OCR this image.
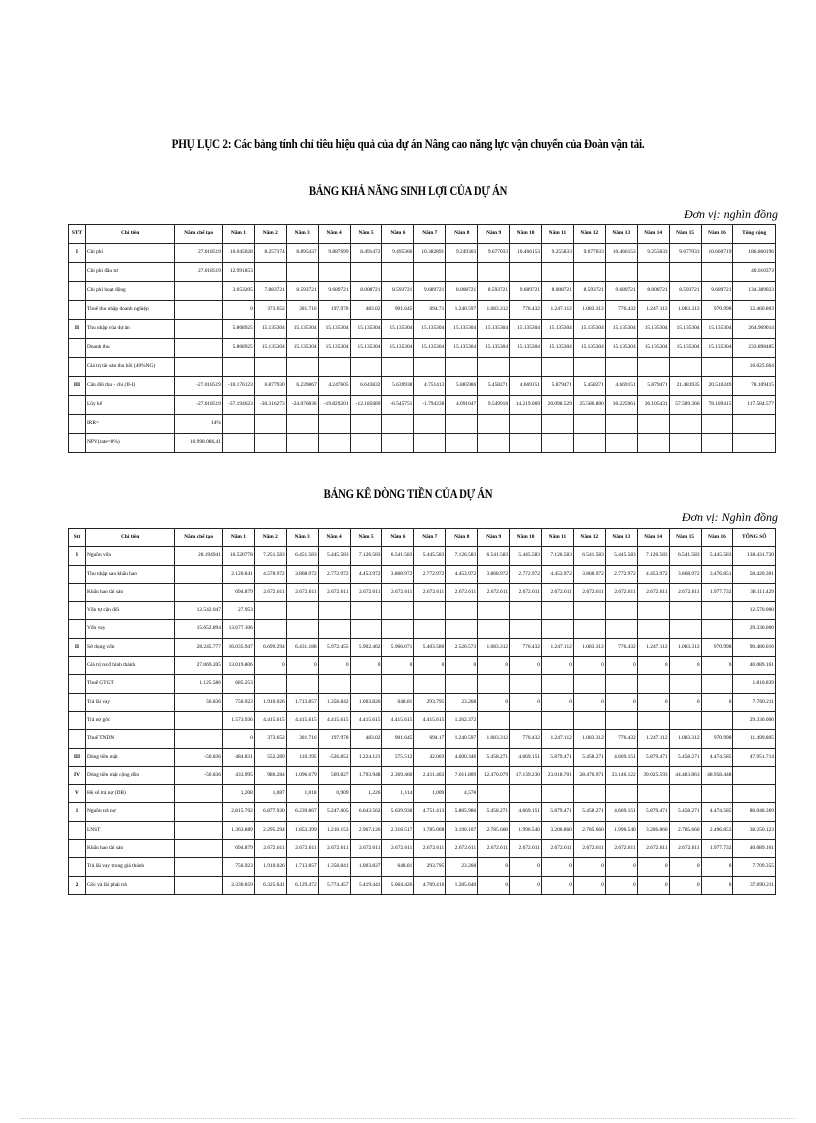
PHỤ LỤC 2: Các bảng tính chỉ tiêu hiệu quả của dự án Nâng cao năng lực vận chuyển của Đoàn vận tải.
BẢNG KHẢ NĂNG SINH LỢI CỦA DỰ ÁN
Đơn vị: nghìn đồng
STT	Chỉ tiêu	Năm chế tạo	Năm 1	Năm 2	Năm 3	Năm 4	Năm 5	Năm 6	Năm 7	Năm 8	Năm 9	Năm 10	Năm 11	Năm 12	Năm 13	Năm 14	Năm 15	Năm 16	Tổng cộng
I	Chi phí	27.018519	16.045028	8.257374	8.895437	9.887699	8.491472	9.495366	10.382891	9.249303	9.677033	10.466153	9.255833	9.677033	10.466153	9.255833	9.677033	10.660719	186.860196
	Chi phí đầu tư	27.018519	12.991853																40.010373
	Chi phí hoạt động		3.053205	7.883721	8.593721	9.689721	8.008721	8.593721	9.689721	8.008721	8.593721	9.689721	8.008721	8.593721	9.689721	8.008721	8.593721	9.689721	134.389023
	Thuế thu nhập doanh nghiệp		0	373.652	301.716	197.978	483.02	901.645	694.71	1.240.597	1.083.312	776.432	1.247.112	1.083.312	776.432	1.247.112	1.083.312	970.998	12.460.803
II	Thu nhập của dự án		5.868925	15.135304	15.135304	15.135304	15.135304	15.135304	15.135304	15.135304	15.135304	15.135304	15.135304	15.135304	15.135304	15.135304	15.135304	15.135304	264.969014
	Doanh thu		5.868925	15.135304	15.135304	15.135304	15.135304	15.135304	15.135304	15.135304	15.135304	15.135304	15.135304	15.135304	15.135304	15.135304	15.135304	15.135304	233.898485
	Giá trị tài sản thu hồi (40%NG)																		16.025.664
III	Cân đối thu - chi (II-I)	-27.018519	-10.176123	6.877930	6.239867	4.247605	6.643832	5.639938	4.751413	5.885986	5.458271	4.669151	5.879471	5.458271	4.669151	5.879471	21.483935	20.510249	78.109415
	Lũy kế	-27.018519	-37.194623	-30.316273	-24.076836	-19.829201	-12.185689	-6.545751	-1.794338	4.091647	9.549918	14.219.069	20.098.529	25.586.800	30.225961	36.105431	57.589.366	78.109415	117.584.577
	IRR=	14%																	
	NPV(rate=8%)	16.998.086,41																	
BẢNG KÊ DÒNG TIỀN CỦA DỰ ÁN
Đơn vị: Nghìn đồng
Stt	Chỉ tiêu	Năm chế tạo	Năm 1	Năm 2	Năm 3	Năm 4	Năm 5	Năm 6	Năm 7	Năm 8	Năm 9	Năm 10	Năm 11	Năm 12	Năm 13	Năm 14	Năm 15	Năm 16	TỔNG SỐ
I	Nguồn vốn	28.194941	16.520778	7.251.583	6.451.583	5.445.583	7.126.583	6.541.583	5.445.583	7.126.583	6.541.583	5.445.583	7.126.583	6.541.583	5.445.583	7.126.583	6.541.583	5.445.583	138.431.730
	Thu nhập sau khấu hao		2.120.841	4.578.972	3.868.972	2.772.972	4.453.972	3.868.972	2.772.972	4.453.972	3.868.972	2.772.972	4.453.972	3.868.972	2.772.972	4.453.972	3.868.972	3.476.851	58.420.301
	Khấu hao tài sản		694.879	2.672.611	2.672.611	2.672.611	2.672.611	2.672.611	2.672.611	2.672.611	2.672.611	2.672.611	2.672.611	2.672.611	2.672.611	2.672.611	2.672.611	1.977.732	38.111.429
	Vốn tự cân đối	12.542.047	27.953																12.570.000
	Vốn vay	15.652.894	13.677.106																29.330.000
II	Sử dụng vốn	28.245.777	16.035.947	6.699.294	6.431.188	5.972.455	5.902.462	5.966.071	5.403.580	2.526.573	1.083.312	776.432	1.247.112	1.083.312	776.432	1.247.112	1.083.312	970.998	90.480.016
	Giá trị tscđ hình thành	27.069.205	13.019.806	0	0	0	0	0	0	0	0	0	0	0	0	0	0	0	40.089.161
	Thuế GTGT	1.125.586	685.253																1.810.839
	Trả lãi vay	50.836	756.923	1.910.026	1.713.857	1.358.842	1.003.826	648.81	293.795	23.268	0	0	0	0	0	0	0	0	7.760.211
	Trả nợ gốc		1.573.936	4.415.615	4.415.615	4.415.615	4.415.615	4.415.615	4.415.615	1.262.372									29.330.000
	Thuế TNDN		0	373.652	301.716	197.978	483.02	901.645	694.17	1.240.597	1.083.312	776.432	1.247.112	1.083.312	776.432	1.247.112	1.083.312	970.998	11.499.805
III	Dòng tiền mặt	-50.836	484.831	552.289	110.395	-526.852	1.224.121	575.512	42.003	4.600.346	5.458.271	4.669.151	5.879.471	5.458.271	4.669.151	5.879.471	5.458.271	4.474.585	47.951.714
IV	Dòng tiền mặt cộng dồn	-50.836	433.995	986.284	1.096.679	569.827	1.793.948	2.369.460	2.411.463	7.011.809	12.470.079	17.139.230	23.018.701	28.476.971	33.146.122	39.025.593	44.483.863	48.958.448	
V	Hệ số trả nợ (DB)		1,208	1,087	1,018	0,909	1,226	1,114	1,009	4,578									
1	Nguồn trả nợ		2.815.702	6.877.930	6.239.867	5.247.605	6.643.562	5.639.938	4.751.413	5.885.986	5.458.271	4.669.151	5.879.471	5.458.271	4.669.151	5.879.471	5.458.271	4.474.585	86.048.369
	LNST		1.363.889	2.295.294	1.853.399	1.216.153	2.967.126	2.318.517	1.785.008	3.190.107	2.785.660	1.996.540	3.206.860	2.785.660	1.996.540	3.206.860	2.785.660	2.496.853	38.250.123
	Khấu hao tài sản		694.879	2.672.611	2.672.611	2.672.611	2.672.611	2.672.611	2.672.611	2.672.611	2.672.611	2.672.611	2.672.611	2.672.611	2.672.611	2.672.611	2.672.611	1.977.732	40.089.161
	Trả lãi vay trong giá thành		756.923	1.910.026	1.713.857	1.358.841	1.003.827	648.81	293.795	23.268	0	0	0	0	0	0	0	0	7.709.355
2	Gốc và lãi phải trả		2.330.859	6.325.641	6.129.472	5.774.457	5.419.441	5.064.426	4.709.410	1.285.640	0	0	0	0	0	0	0	0	37.090.211
